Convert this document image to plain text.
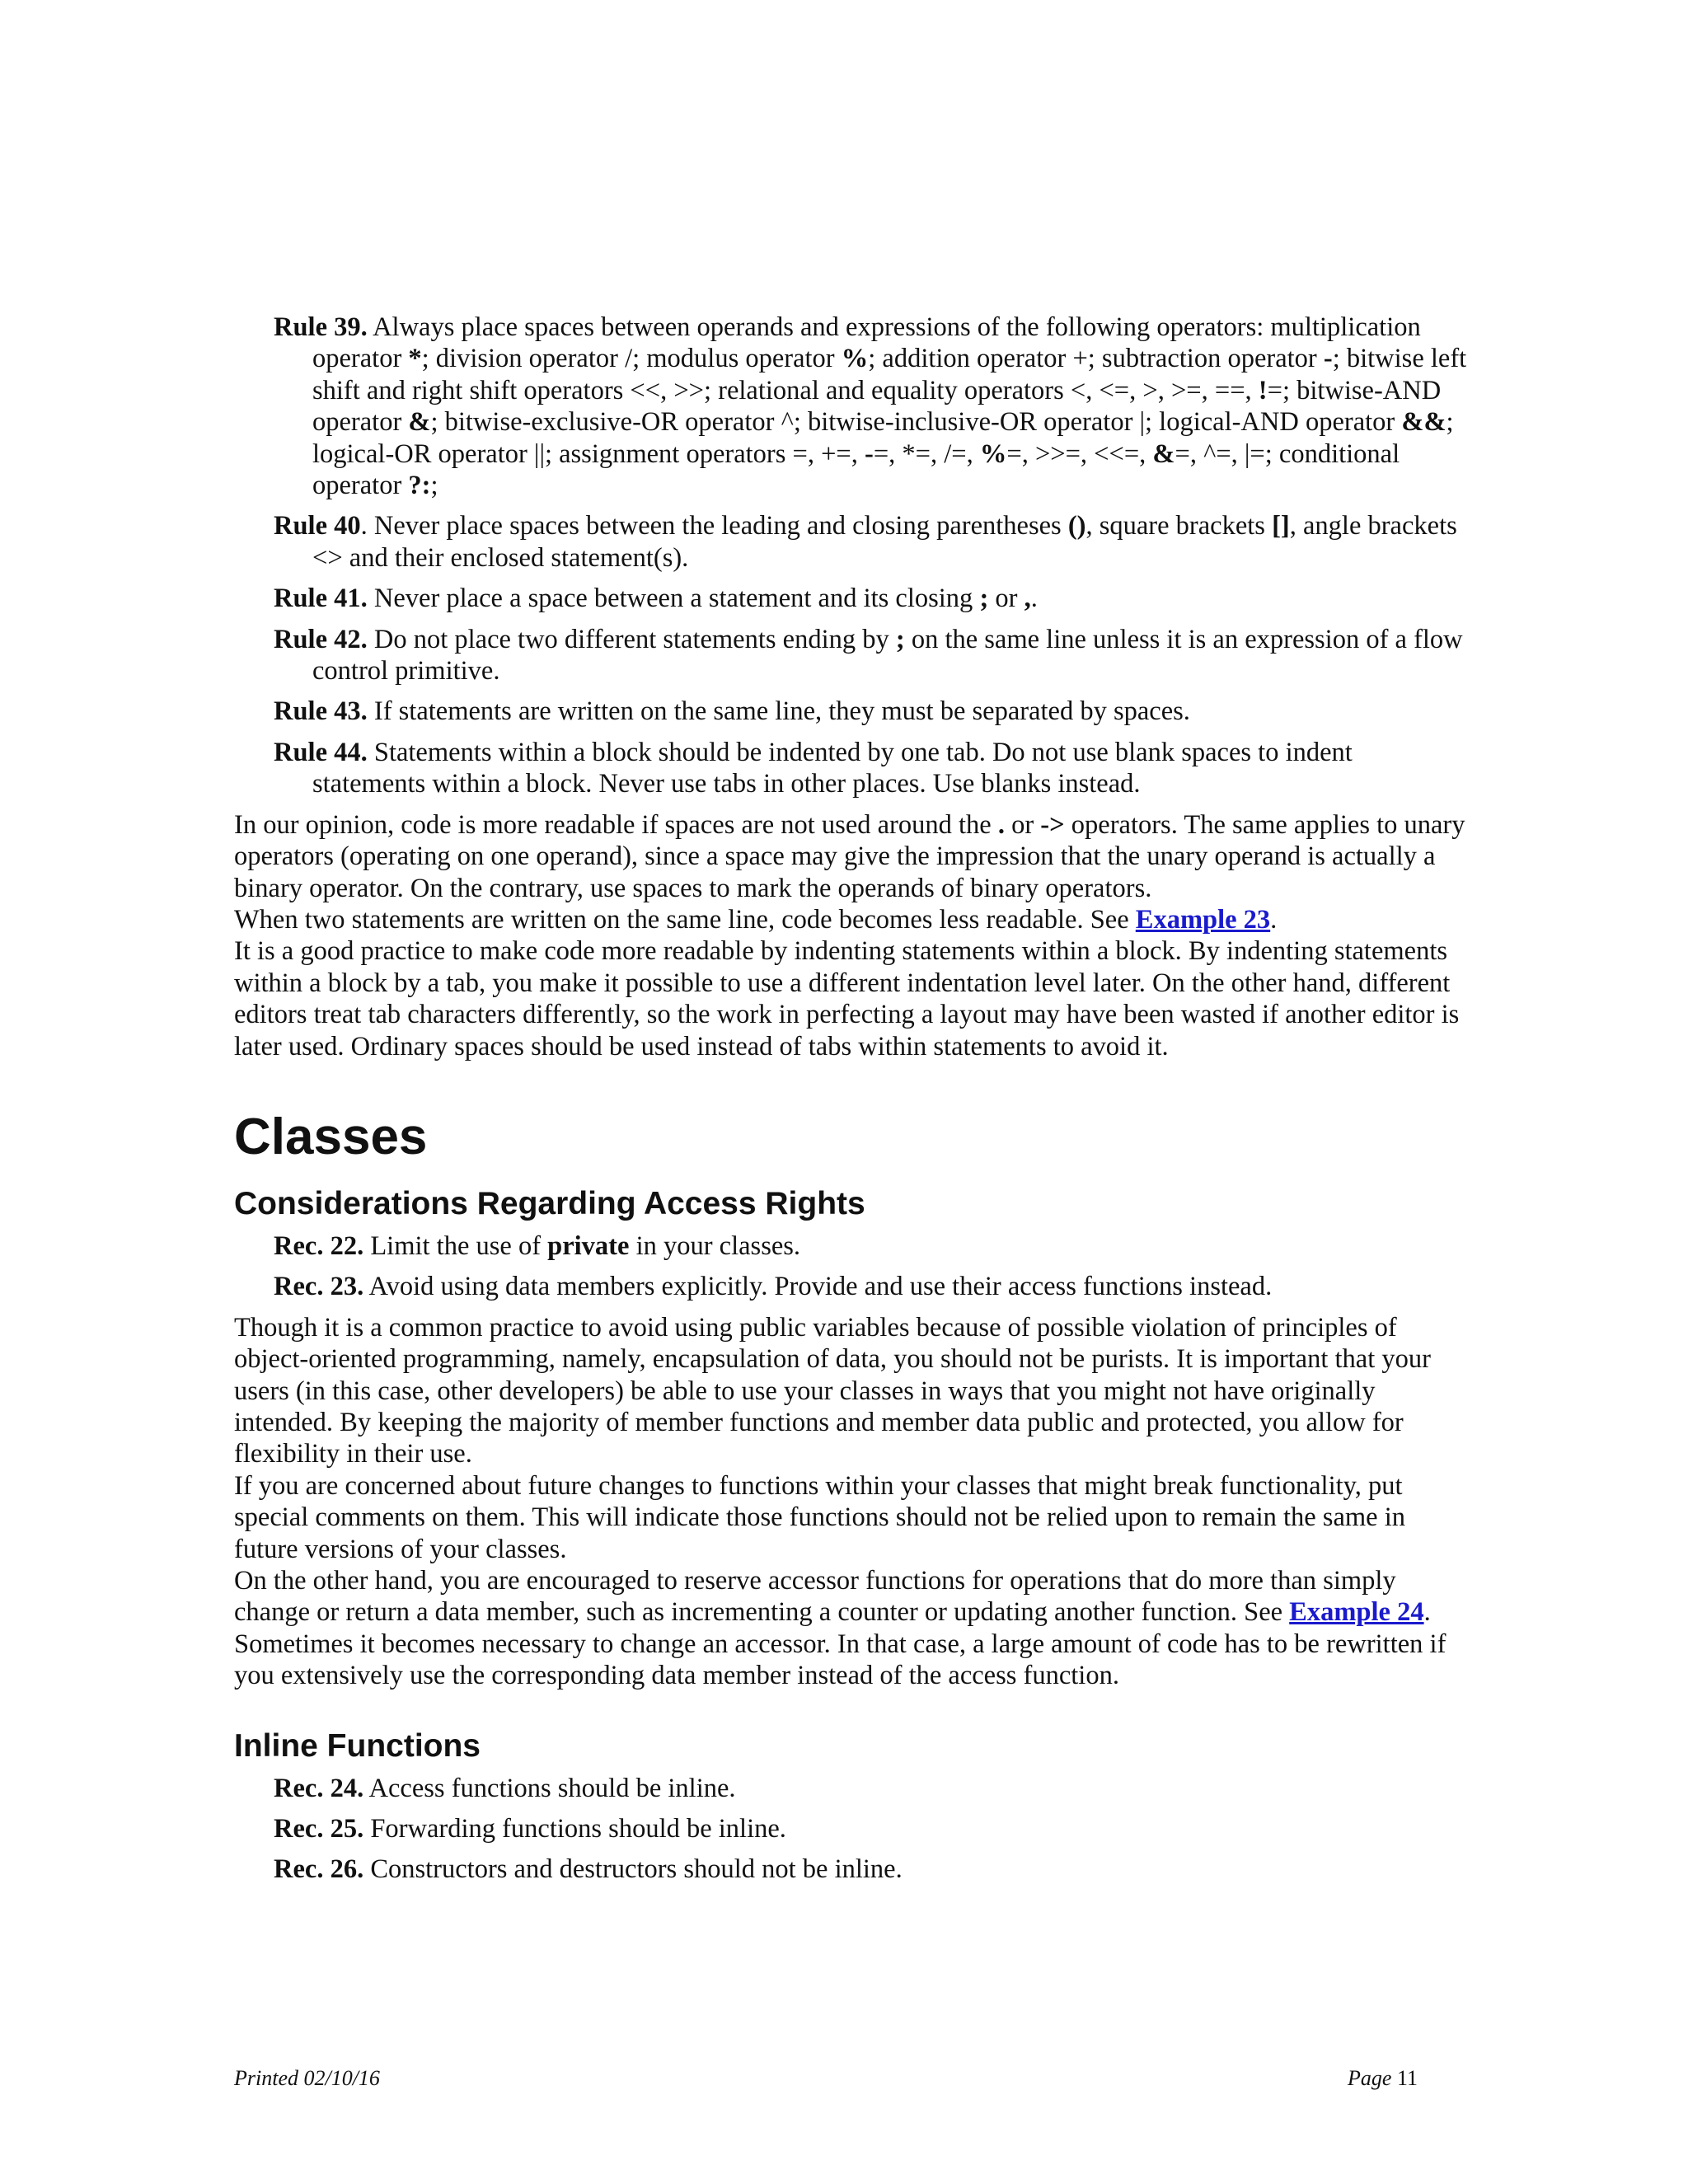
Rule 39. Always place spaces between operands and expressions of the following operators: multiplication operator *; division operator /; modulus operator %; addition operator +; subtraction operator -; bitwise left shift and right shift operators <<, >>; relational and equality operators <, <=, >, >=, ==, !=; bitwise-AND operator &; bitwise-exclusive-OR operator ^; bitwise-inclusive-OR operator |; logical-AND operator &&; logical-OR operator ||; assignment operators =, +=, -=, *=, /=, %=, >>=, <<=, &=, ^=, |=; conditional operator ?:;
Rule 40. Never place spaces between the leading and closing parentheses (), square brackets [], angle brackets <> and their enclosed statement(s).
Rule 41. Never place a space between a statement and its closing ; or ,.
Rule 42. Do not place two different statements ending by ; on the same line unless it is an expression of a flow control primitive.
Rule 43. If statements are written on the same line, they must be separated by spaces.
Rule 44. Statements within a block should be indented by one tab. Do not use blank spaces to indent statements within a block. Never use tabs in other places. Use blanks instead.

In our opinion, code is more readable if spaces are not used around the . or -> operators. The same applies to unary operators (operating on one operand), since a space may give the impression that the unary operand is actually a binary operator. On the contrary, use spaces to mark the operands of binary operators.

When two statements are written on the same line, code becomes less readable. See Example 23.

It is a good practice to make code more readable by indenting statements within a block. By indenting statements within a block by a tab, you make it possible to use a different indentation level later. On the other hand, different editors treat tab characters differently, so the work in perfecting a layout may have been wasted if another editor is later used. Ordinary spaces should be used instead of tabs within statements to avoid it.

Classes
Considerations Regarding Access Rights
Rec. 22. Limit the use of private in your classes.
Rec. 23. Avoid using data members explicitly. Provide and use their access functions instead.

Though it is a common practice to avoid using public variables because of possible violation of principles of object-oriented programming, namely, encapsulation of data, you should not be purists. It is important that your users (in this case, other developers) be able to use your classes in ways that you might not have originally intended. By keeping the majority of member functions and member data public and protected, you allow for flexibility in their use.

If you are concerned about future changes to functions within your classes that might break functionality, put special comments on them. This will indicate those functions should not be relied upon to remain the same in future versions of your classes.

On the other hand, you are encouraged to reserve accessor functions for operations that do more than simply change or return a data member, such as incrementing a counter or updating another function. See Example 24.

Sometimes it becomes necessary to change an accessor. In that case, a large amount of code has to be rewritten if you extensively use the corresponding data member instead of the access function.

Inline Functions
Rec. 24. Access functions should be inline.
Rec. 25. Forwarding functions should be inline.
Rec. 26. Constructors and destructors should not be inline.
Printed 02/10/16	Page 11
